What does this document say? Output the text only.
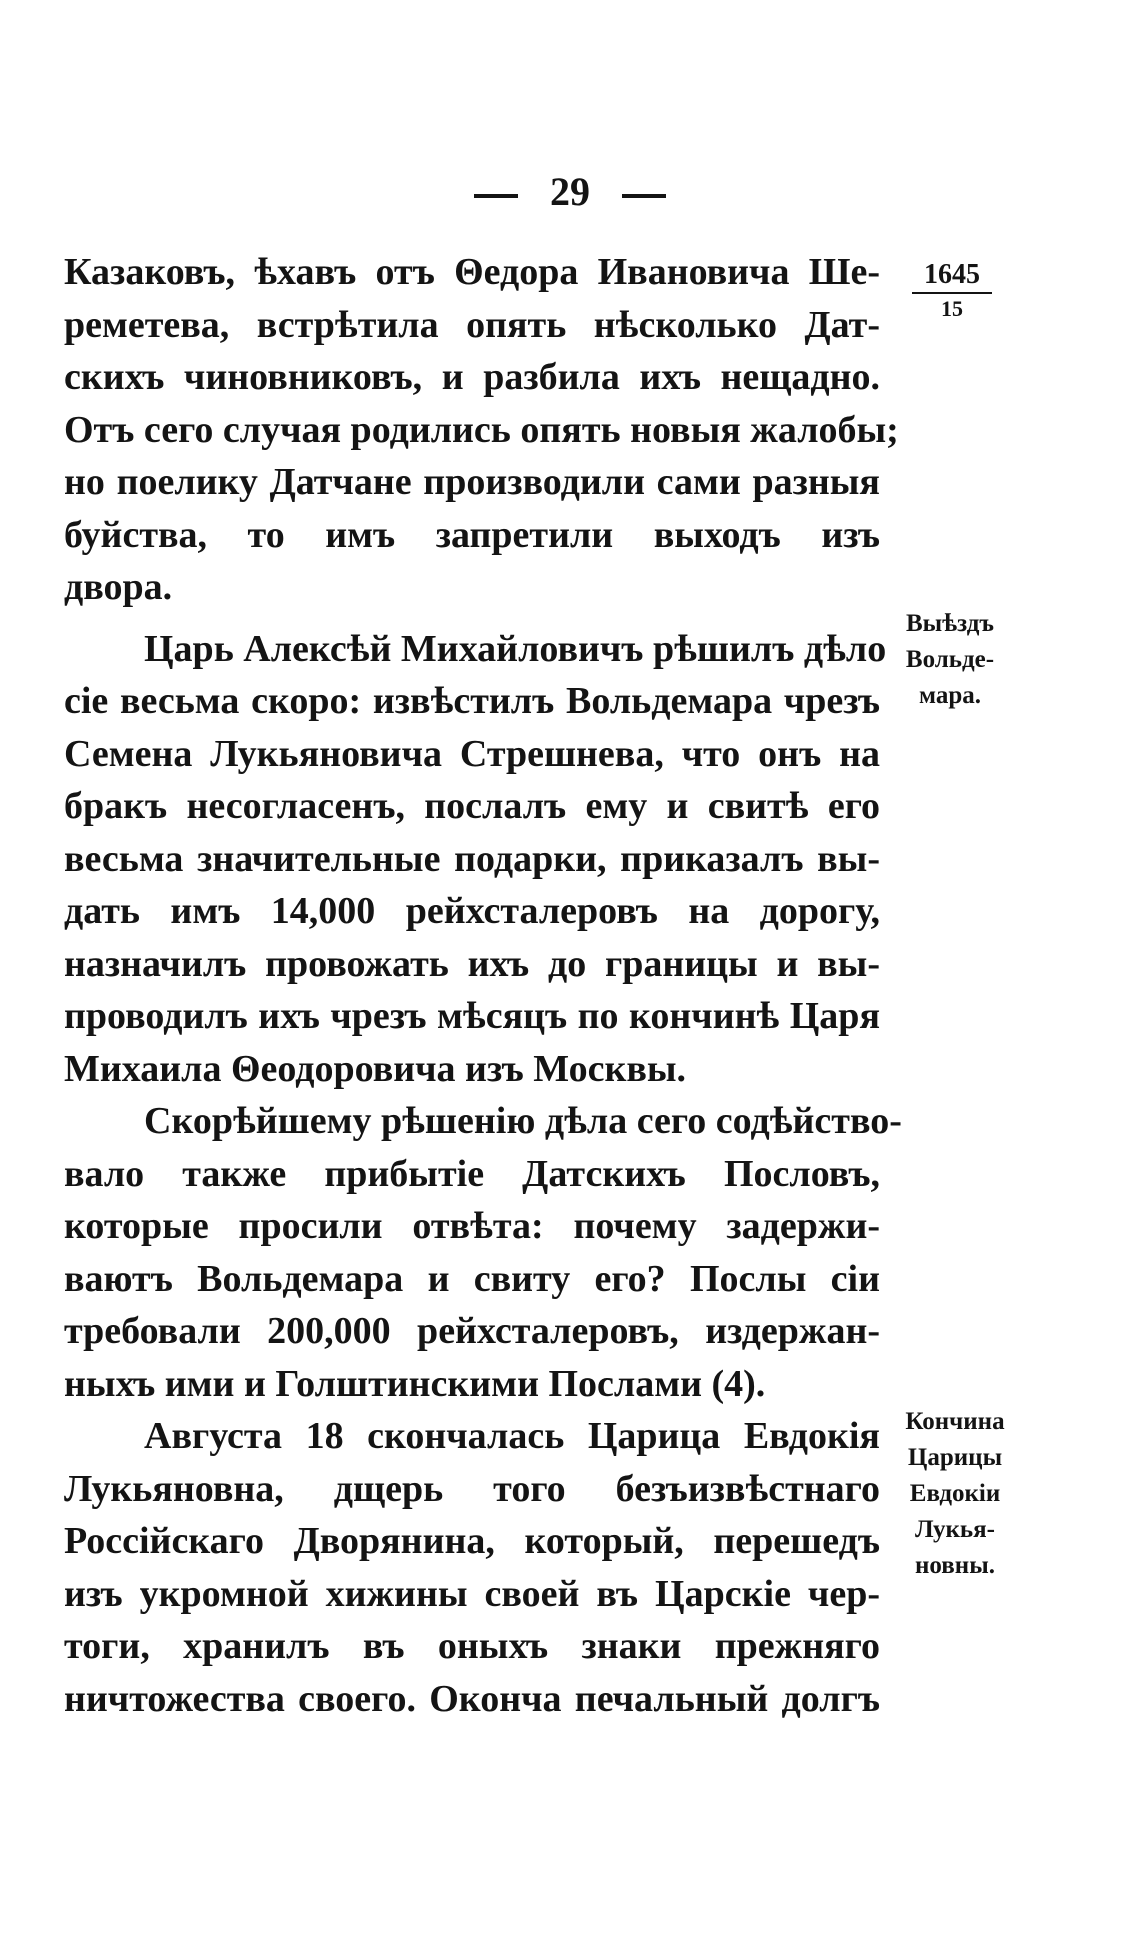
29
1645
15
Выѣздъ
Вольде-
мара.
Кончина
Царицы
Евдокiи
Лукья-
новны.
Казаковъ, ѣхавъ отъ Θедора Ивановича Ше-
реметева, встрѣтила опять нѣсколько Дат-
скихъ чиновниковъ, и разбила ихъ нещадно.
Отъ сего случая родились опять новыя жалобы;
но поелику Датчане производили сами разныя
буйства, то имъ запретили выходъ изъ
двора.
Царь Алексѣй Михайловичъ рѣшилъ дѣло
сiе весьма скоро: извѣстилъ Вольдемара чрезъ
Семена Лукьяновича Стрешнева, что онъ на
бракъ несогласенъ, послалъ ему и свитѣ его
весьма значительные подарки, приказалъ вы-
дать имъ 14,000 рейхсталеровъ на дорогу,
назначилъ провожать ихъ до границы и вы-
проводилъ ихъ чрезъ мѣсяцъ по кончинѣ Царя
Михаила Θеодоровича изъ Москвы.
Скорѣйшему рѣшенiю дѣла сего содѣйство-
вало также прибытiе Датскихъ Пословъ,
которые просили отвѣта: почему задержи-
ваютъ Вольдемара и свиту его? Послы сiи
требовали 200,000 рейхсталеровъ, издержан-
ныхъ ими и Голштинскими Послами (4).
Августа 18 скончалась Царица Евдокiя
Лукьяновна, дщерь того безъизвѣстнаго
Россiйскаго Дворянина, который, перешедъ
изъ укромной хижины своей въ Царскiе чер-
тоги, хранилъ въ оныхъ знаки прежняго
ничтожества своего. Окончa печальный долгъ
